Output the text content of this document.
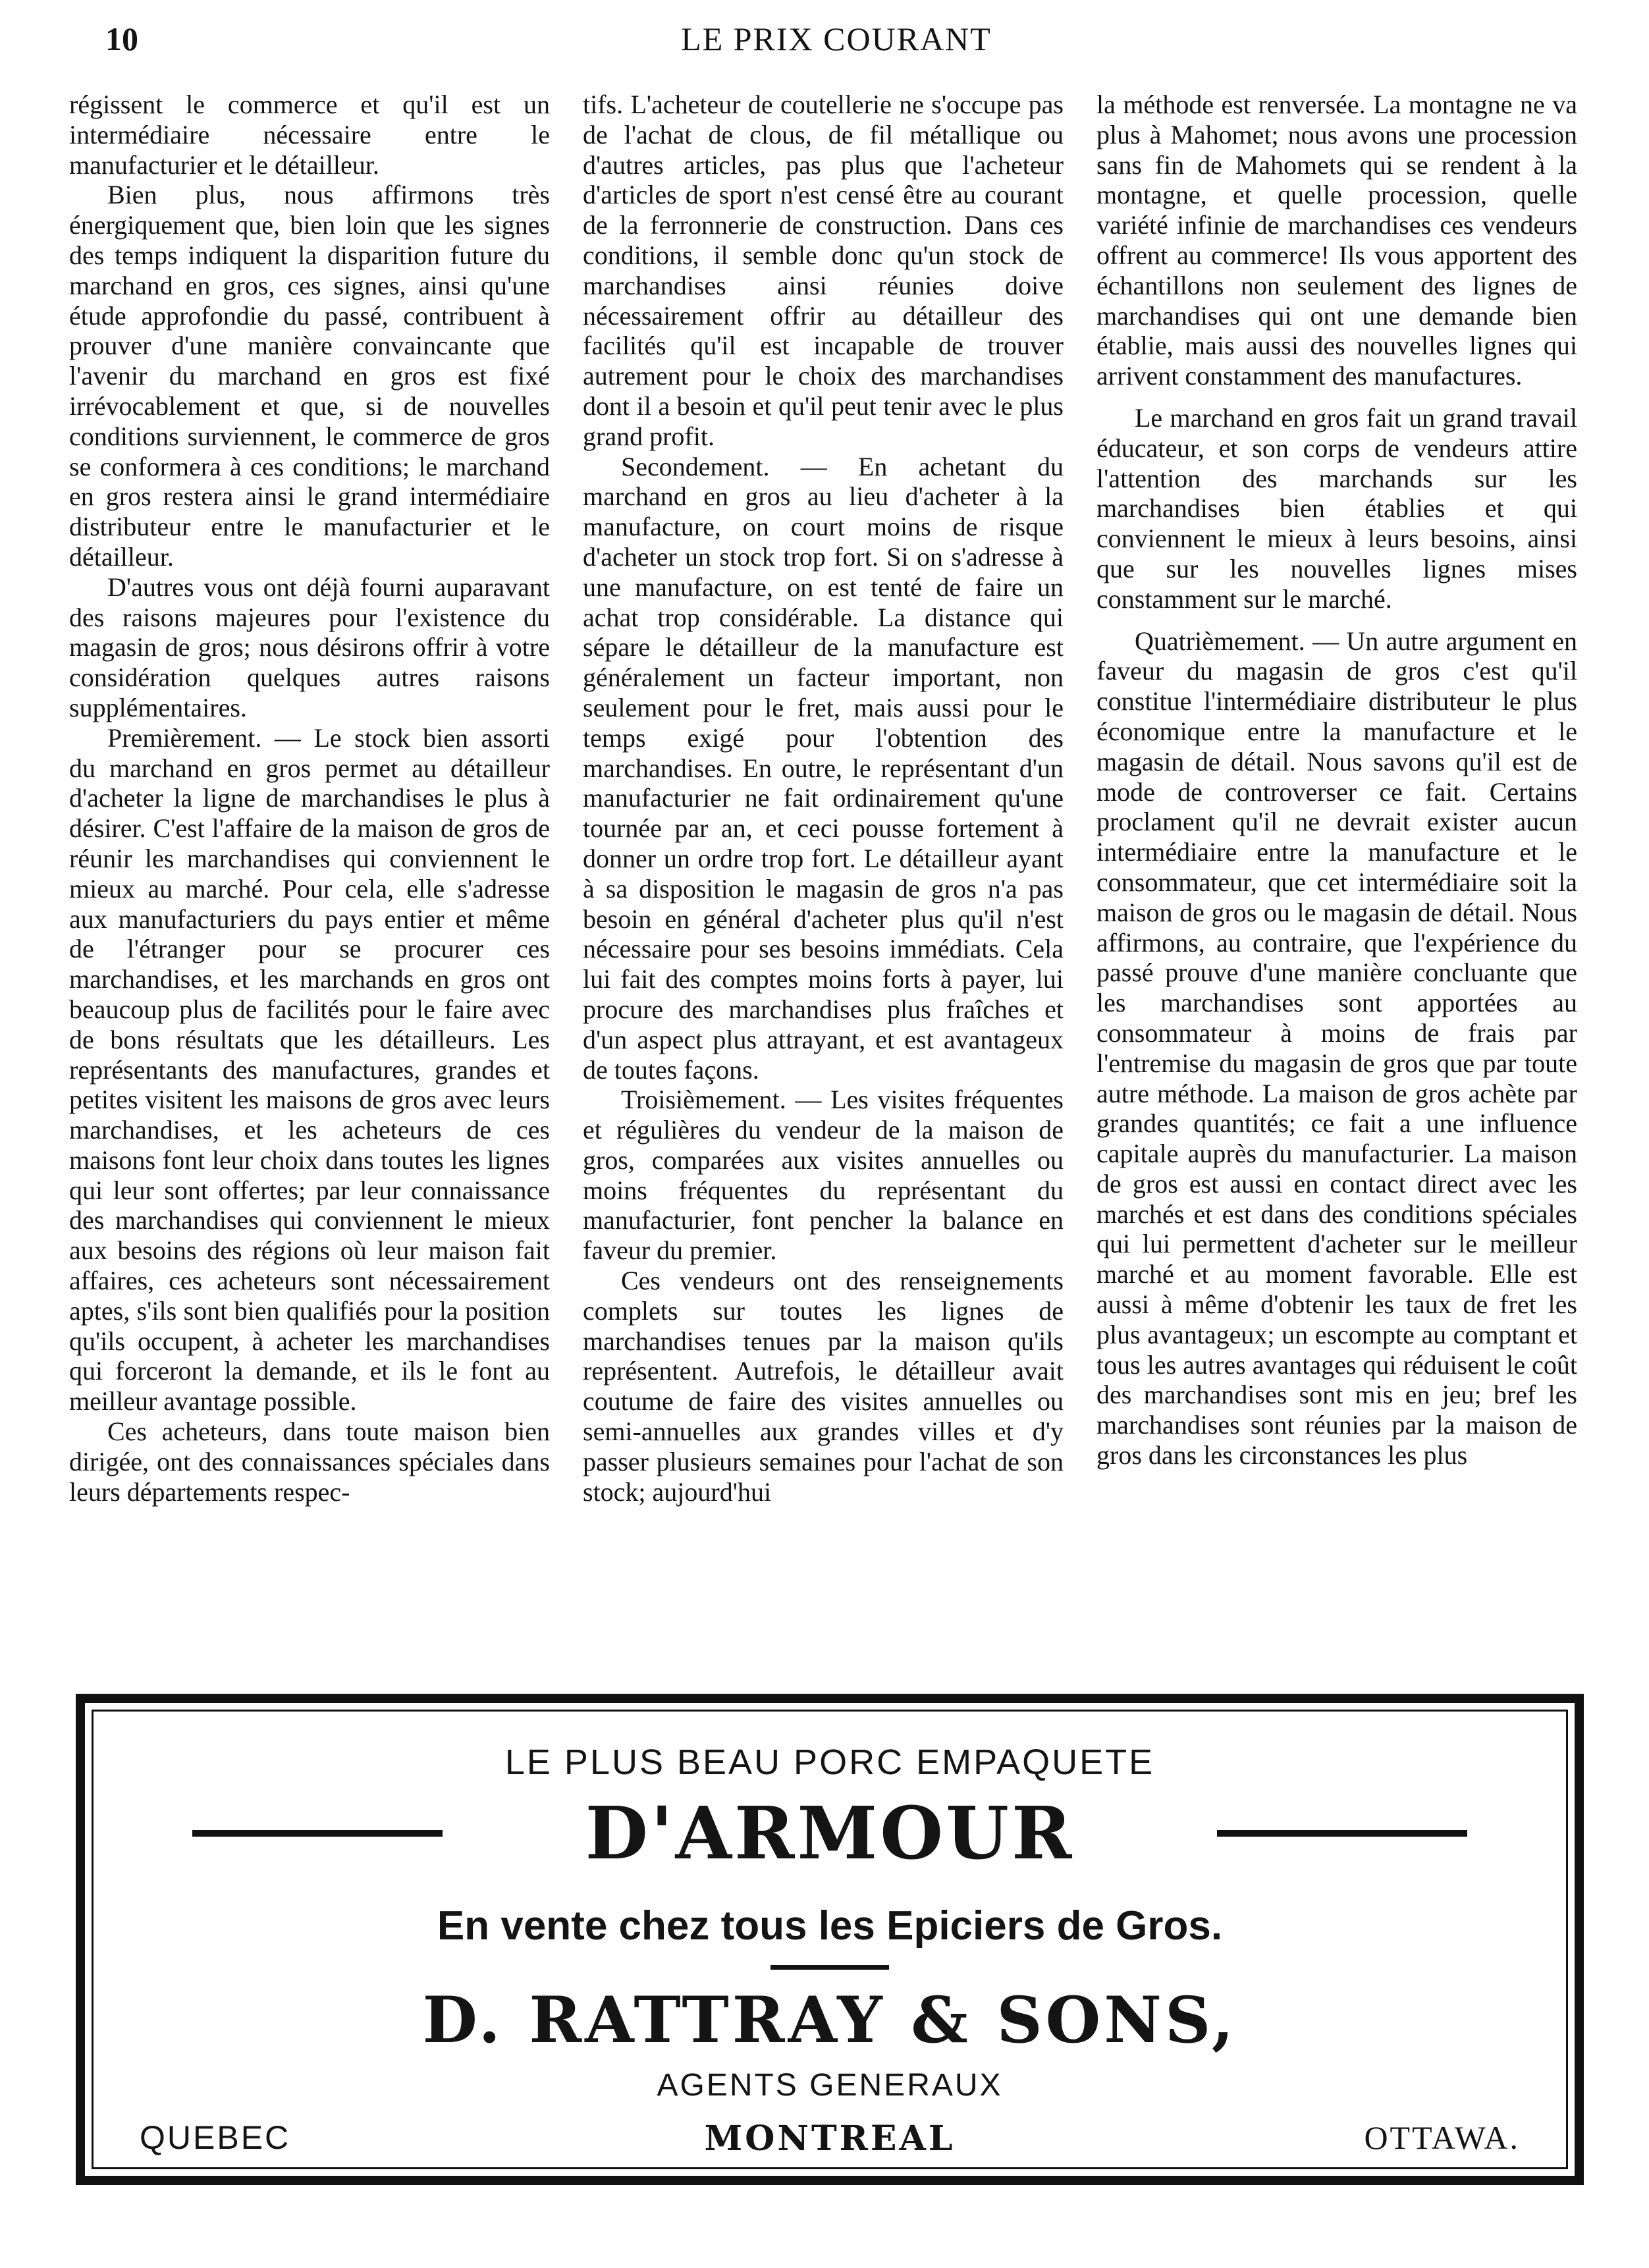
10	LE PRIX COURANT

régissent le commerce et qu'il est un intermédiaire nécessaire entre le manufacturier et le détailleur.

Bien plus, nous affirmons très énergiquement que, bien loin que les signes des temps indiquent la disparition future du marchand en gros, ces signes, ainsi qu'une étude approfondie du passé, contribuent à prouver d'une manière convaincante que l'avenir du marchand en gros est fixé irrévocablement et que, si de nouvelles conditions surviennent, le commerce de gros se conformera à ces conditions; le marchand en gros restera ainsi le grand intermédiaire distributeur entre le manufacturier et le détailleur.

D'autres vous ont déjà fourni auparavant des raisons majeures pour l'existence du magasin de gros; nous désirons offrir à votre considération quelques autres raisons supplémentaires.

Premièrement. — Le stock bien assorti du marchand en gros permet au détailleur d'acheter la ligne de marchandises le plus à désirer. C'est l'affaire de la maison de gros de réunir les marchandises qui conviennent le mieux au marché. Pour cela, elle s'adresse aux manufacturiers du pays entier et même de l'étranger pour se procurer ces marchandises, et les marchands en gros ont beaucoup plus de facilités pour le faire avec de bons résultats que les détailleurs. Les représentants des manufactures, grandes et petites visitent les maisons de gros avec leurs marchandises, et les acheteurs de ces maisons font leur choix dans toutes les lignes qui leur sont offertes; par leur connaissance des marchandises qui conviennent le mieux aux besoins des régions où leur maison fait affaires, ces acheteurs sont nécessairement aptes, s'ils sont bien qualifiés pour la position qu'ils occupent, à acheter les marchandises qui forceront la demande, et ils le font au meilleur avantage possible.

Ces acheteurs, dans toute maison bien dirigée, ont des connaissances spéciales dans leurs départements respec-

tifs. L'acheteur de coutellerie ne s'occupe pas de l'achat de clous, de fil métallique ou d'autres articles, pas plus que l'acheteur d'articles de sport n'est censé être au courant de la ferronnerie de construction. Dans ces conditions, il semble donc qu'un stock de marchandises ainsi réunies doive nécessairement offrir au détailleur des facilités qu'il est incapable de trouver autrement pour le choix des marchandises dont il a besoin et qu'il peut tenir avec le plus grand profit.

Secondement. — En achetant du marchand en gros au lieu d'acheter à la manufacture, on court moins de risque d'acheter un stock trop fort. Si on s'adresse à une manufacture, on est tenté de faire un achat trop considérable. La distance qui sépare le détailleur de la manufacture est généralement un facteur important, non seulement pour le fret, mais aussi pour le temps exigé pour l'obtention des marchandises. En outre, le représentant d'un manufacturier ne fait ordinairement qu'une tournée par an, et ceci pousse fortement à donner un ordre trop fort. Le détailleur ayant à sa disposition le magasin de gros n'a pas besoin en général d'acheter plus qu'il n'est nécessaire pour ses besoins immédiats. Cela lui fait des comptes moins forts à payer, lui procure des marchandises plus fraîches et d'un aspect plus attrayant, et est avantageux de toutes façons.

Troisièmement. — Les visites fréquentes et régulières du vendeur de la maison de gros, comparées aux visites annuelles ou moins fréquentes du représentant du manufacturier, font pencher la balance en faveur du premier.

Ces vendeurs ont des renseignements complets sur toutes les lignes de marchandises tenues par la maison qu'ils représentent. Autrefois, le détailleur avait coutume de faire des visites annuelles ou semi-annuelles aux grandes villes et d'y passer plusieurs semaines pour l'achat de son stock; aujourd'hui

la méthode est renversée. La montagne ne va plus à Mahomet; nous avons une procession sans fin de Mahomets qui se rendent à la montagne, et quelle procession, quelle variété infinie de marchandises ces vendeurs offrent au commerce! Ils vous apportent des échantillons non seulement des lignes de marchandises qui ont une demande bien établie, mais aussi des nouvelles lignes qui arrivent constamment des manufactures.

Le marchand en gros fait un grand travail éducateur, et son corps de vendeurs attire l'attention des marchands sur les marchandises bien établies et qui conviennent le mieux à leurs besoins, ainsi que sur les nouvelles lignes mises constamment sur le marché.

Quatrièmement. — Un autre argument en faveur du magasin de gros c'est qu'il constitue l'intermédiaire distributeur le plus économique entre la manufacture et le magasin de détail. Nous savons qu'il est de mode de controverser ce fait. Certains proclament qu'il ne devrait exister aucun intermédiaire entre la manufacture et le consommateur, que cet intermédiaire soit la maison de gros ou le magasin de détail. Nous affirmons, au contraire, que l'expérience du passé prouve d'une manière concluante que les marchandises sont apportées au consommateur à moins de frais par l'entremise du magasin de gros que par toute autre méthode. La maison de gros achète par grandes quantités; ce fait a une influence capitale auprès du manufacturier. La maison de gros est aussi en contact direct avec les marchés et est dans des conditions spéciales qui lui permettent d'acheter sur le meilleur marché et au moment favorable. Elle est aussi à même d'obtenir les taux de fret les plus avantageux; un escompte au comptant et tous les autres avantages qui réduisent le coût des marchandises sont mis en jeu; bref les marchandises sont réunies par la maison de gros dans les circonstances les plus

LE PLUS BEAU PORC EMPAQUETE
D'ARMOUR
En vente chez tous les Epiciers de Gros.
D. RATTRAY & SONS,
AGENTS GENERAUX
QUEBEC	MONTREAL	OTTAWA.
